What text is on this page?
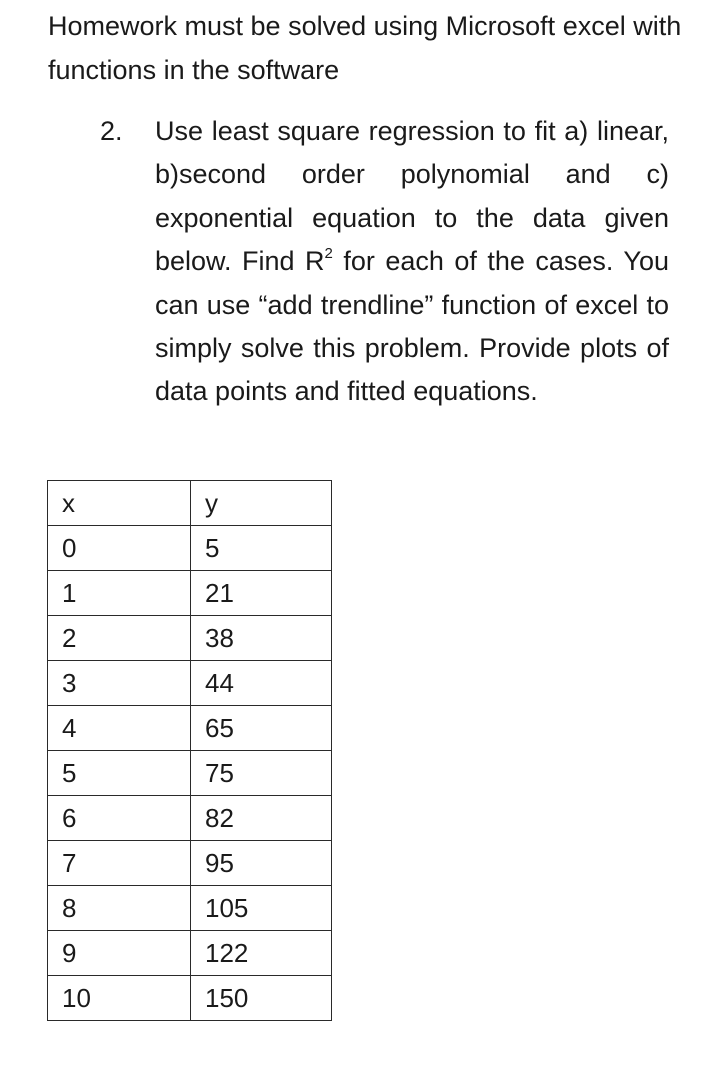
Homework must be solved using Microsoft excel with functions in the software

2. Use least square regression to fit a) linear, b)second order polynomial and c) exponential equation to the data given below. Find $R^2$ for each of the cases. You can use “add trendline” function of excel to simply solve this problem. Provide plots of data points and fitted equations.

x	y
0	5
1	21
2	38
3	44
4	65
5	75
6	82
7	95
8	105
9	122
10	150
